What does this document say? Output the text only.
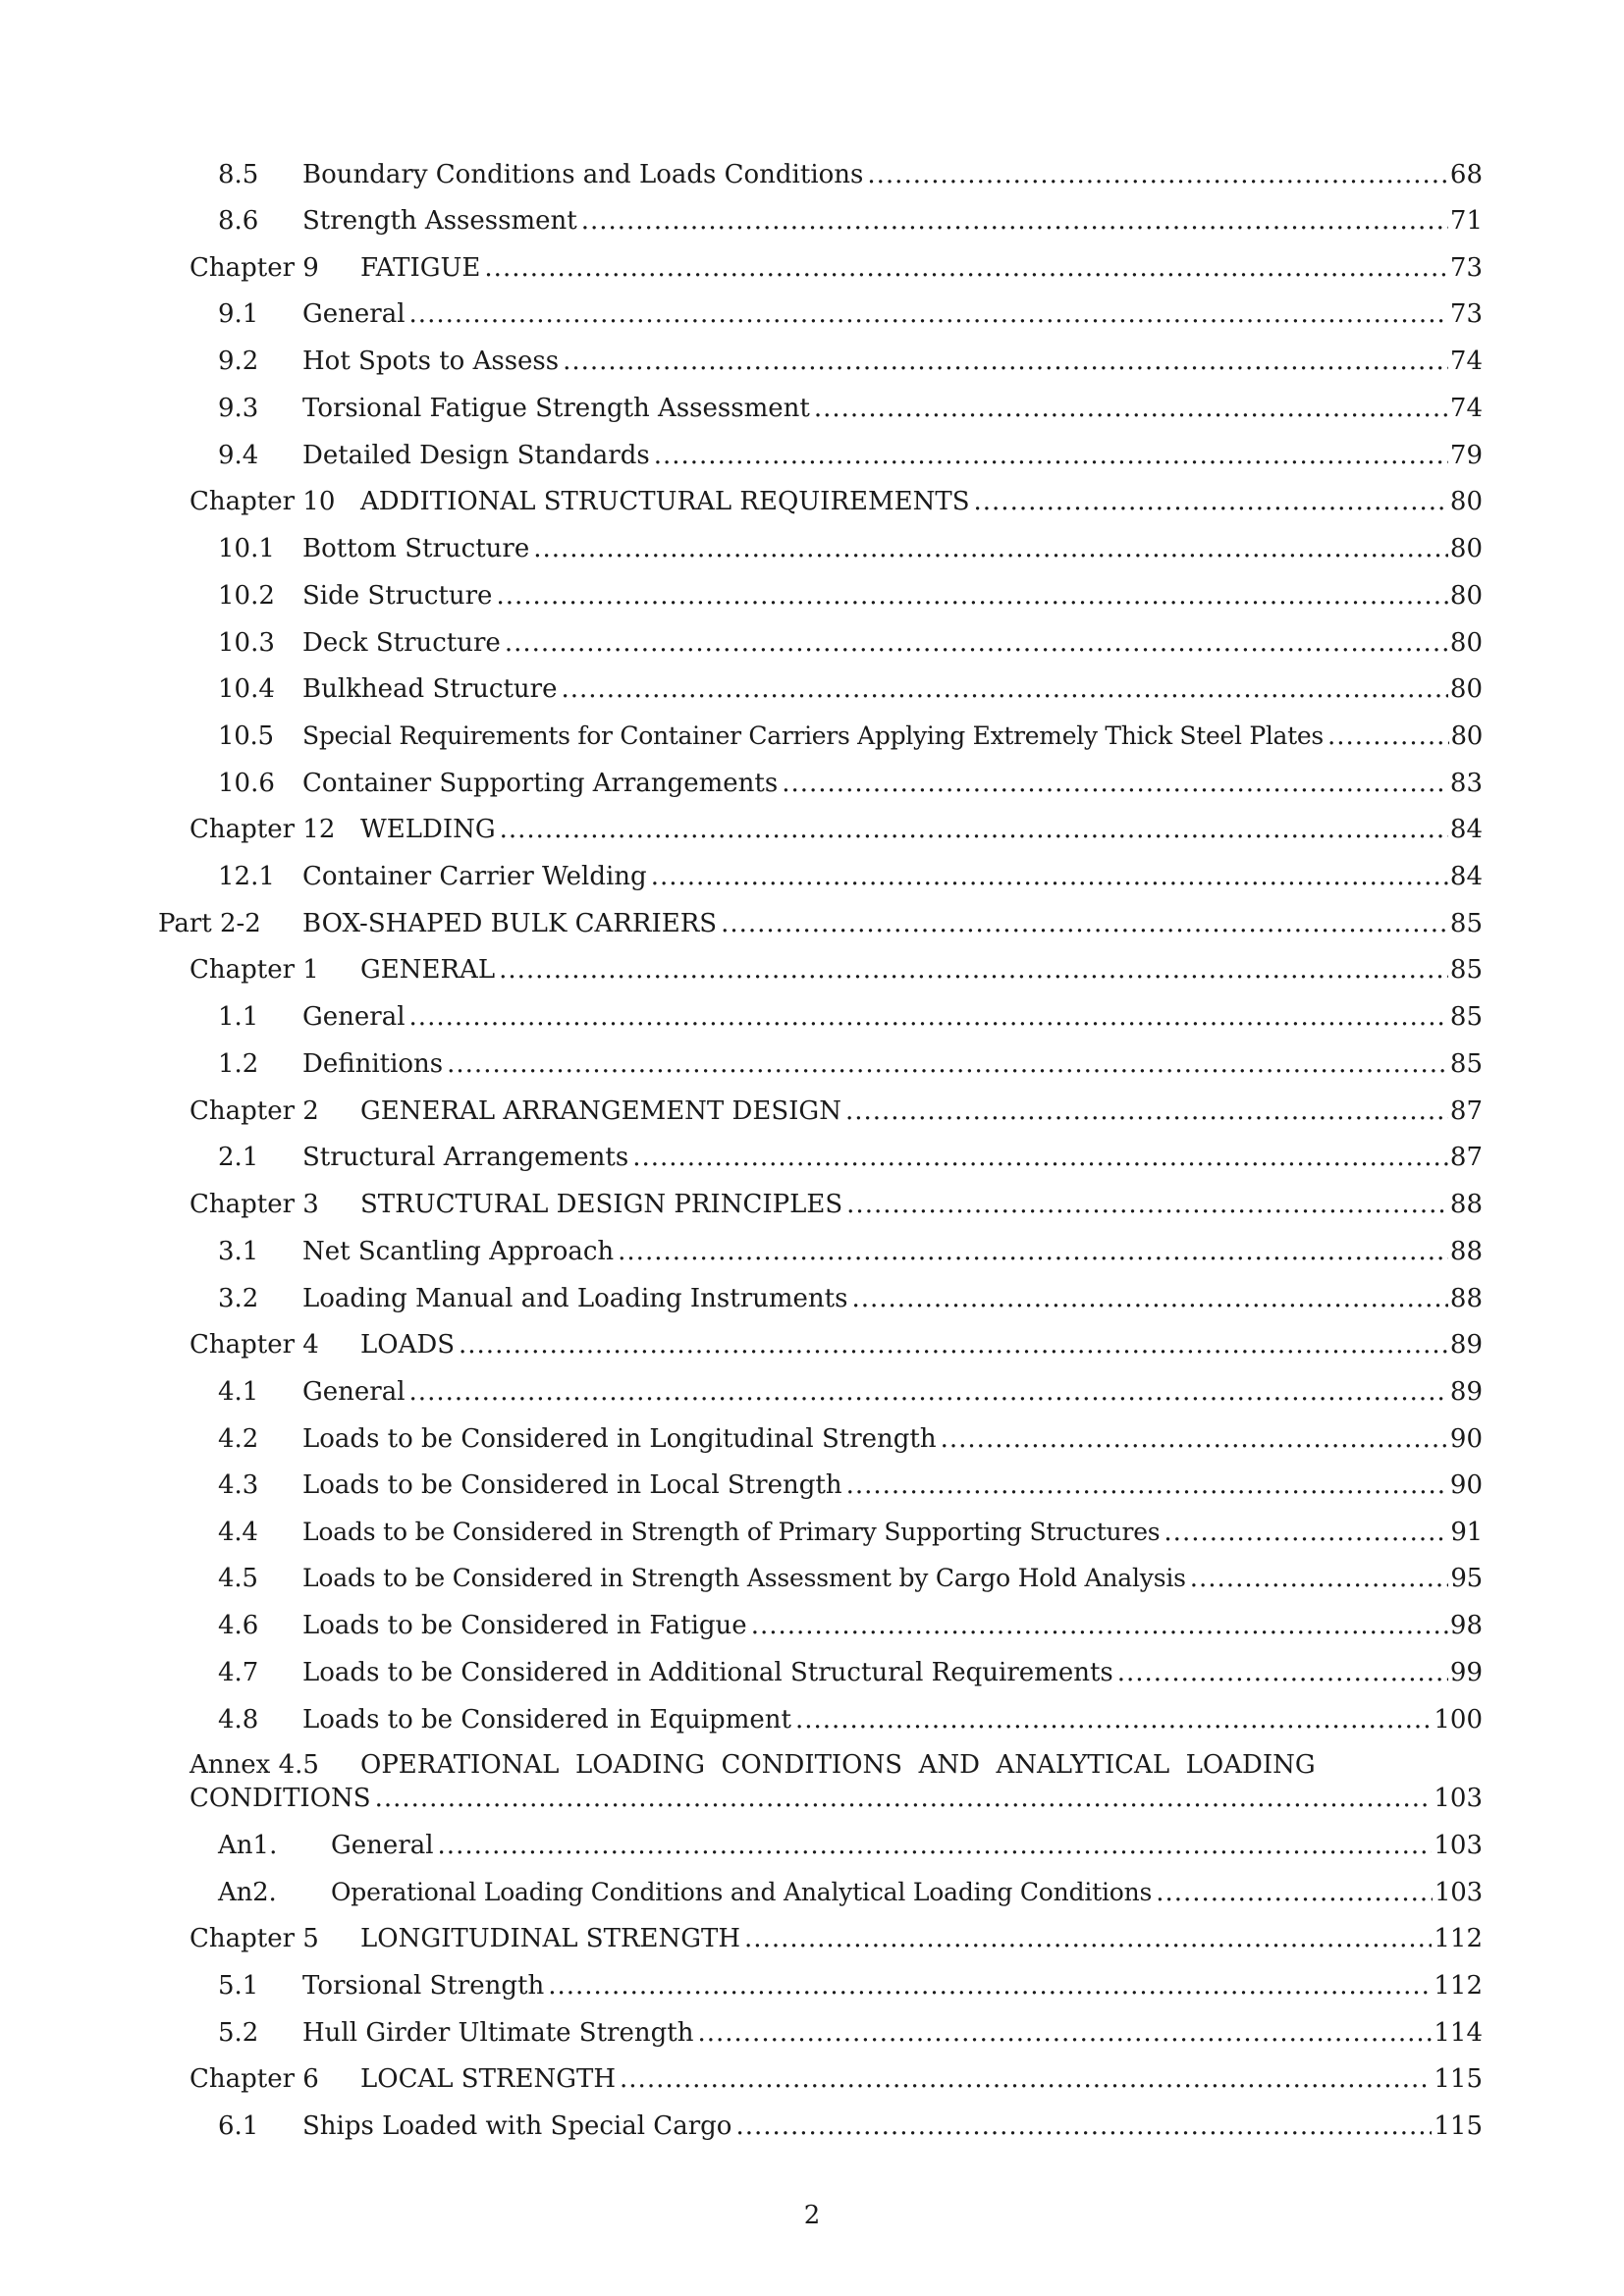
8.5	Boundary Conditions and Loads Conditions .....	68
8.6	Strength Assessment .....	71
Chapter 9	FATIGUE .....	73
9.1	General .....	73
9.2	Hot Spots to Assess .....	74
9.3	Torsional Fatigue Strength Assessment .....	74
9.4	Detailed Design Standards .....	79
Chapter 10 ADDITIONAL STRUCTURAL REQUIREMENTS .....	80
10.1	Bottom Structure .....	80
10.2	Side Structure .....	80
10.3	Deck Structure .....	80
10.4	Bulkhead Structure .....	80
10.5	Special Requirements for Container Carriers Applying Extremely Thick Steel Plates .....	80
10.6	Container Supporting Arrangements .....	83
Chapter 12 WELDING .....	84
12.1	Container Carrier Welding .....	84
Part 2-2	BOX-SHAPED BULK CARRIERS .....	85
Chapter 1	GENERAL .....	85
1.1	General .....	85
1.2	Definitions .....	85
Chapter 2	GENERAL ARRANGEMENT DESIGN .....	87
2.1	Structural Arrangements .....	87
Chapter 3	STRUCTURAL DESIGN PRINCIPLES .....	88
3.1	Net Scantling Approach .....	88
3.2	Loading Manual and Loading Instruments .....	88
Chapter 4	LOADS .....	89
4.1	General .....	89
4.2	Loads to be Considered in Longitudinal Strength .....	90
4.3	Loads to be Considered in Local Strength .....	90
4.4	Loads to be Considered in Strength of Primary Supporting Structures .....	91
4.5	Loads to be Considered in Strength Assessment by Cargo Hold Analysis .....	95
4.6	Loads to be Considered in Fatigue .....	98
4.7	Loads to be Considered in Additional Structural Requirements .....	99
4.8	Loads to be Considered in Equipment .....	100
Annex 4.5 OPERATIONAL  LOADING  CONDITIONS  AND  ANALYTICAL  LOADING
CONDITIONS .....	103
An1.	General .....	103
An2.	Operational Loading Conditions and Analytical Loading Conditions .....	103
Chapter 5	LONGITUDINAL STRENGTH .....	112
5.1	Torsional Strength .....	112
5.2	Hull Girder Ultimate Strength .....	114
Chapter 6	LOCAL STRENGTH .....	115
6.1	Ships Loaded with Special Cargo .....	115
2
